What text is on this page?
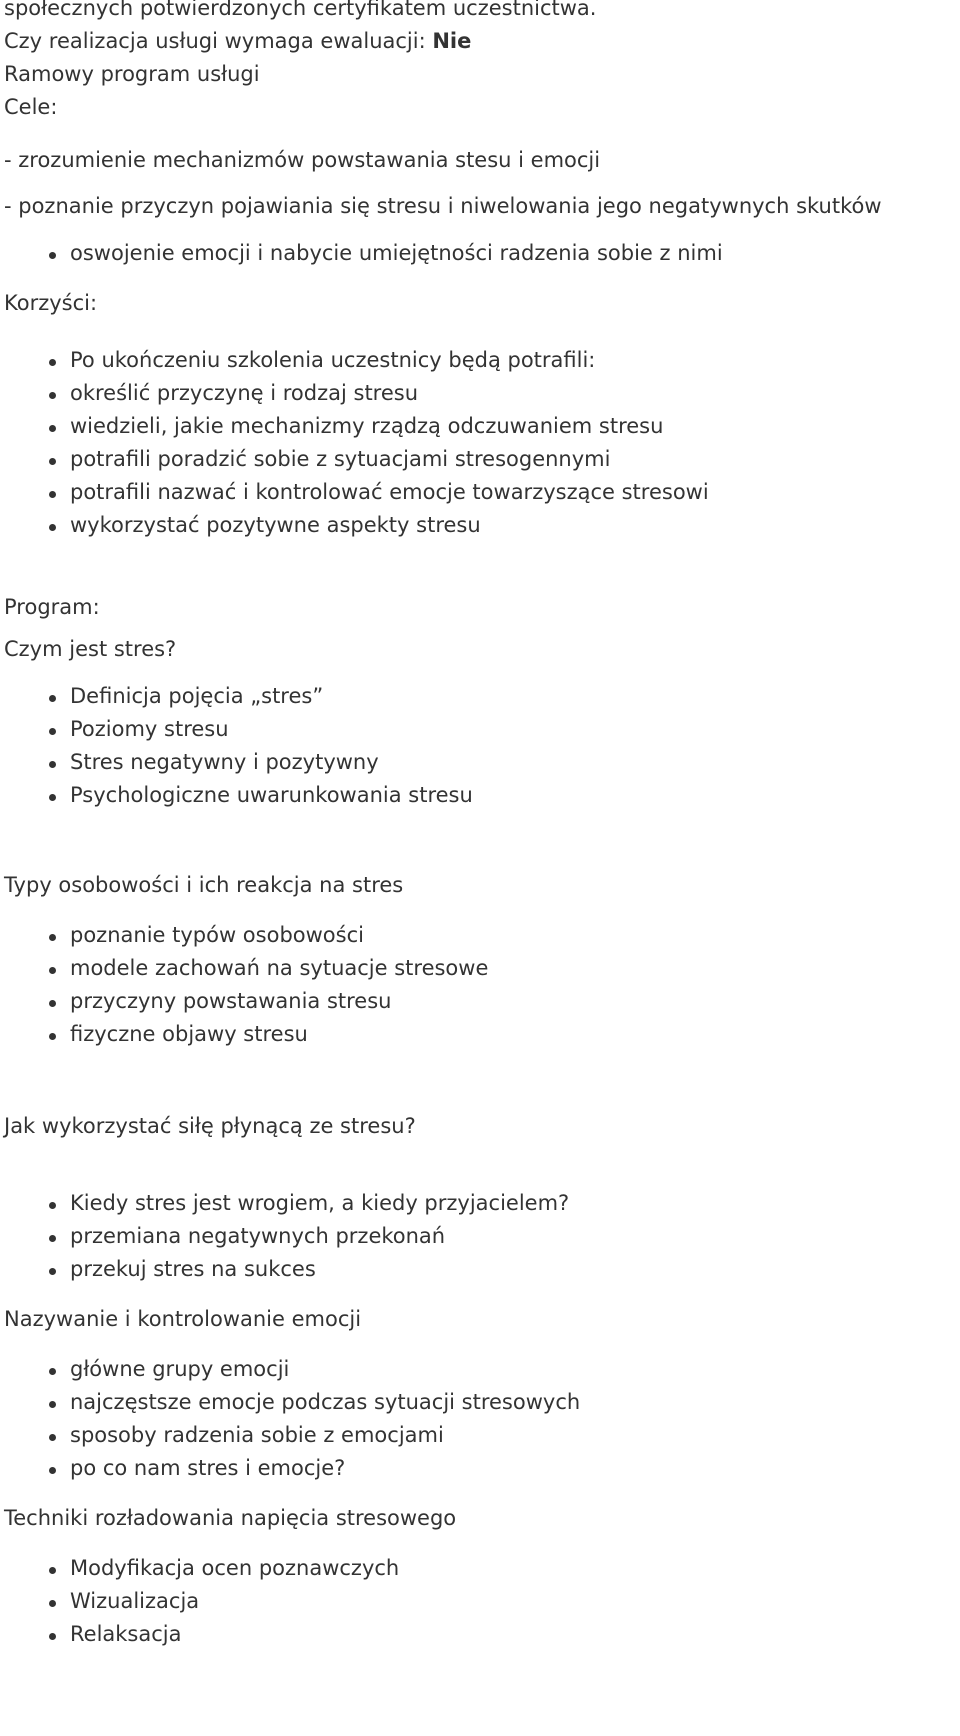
społecznych potwierdzonych certyfikatem uczestnictwa.

Czy realizacja usługi wymaga ewaluacji: Nie

Ramowy program usługi

Cele:

- zrozumienie mechanizmów powstawania stesu i emocji

- poznanie przyczyn pojawiania się stresu i niwelowania jego negatywnych skutków

oswojenie emocji i nabycie umiejętności radzenia sobie z nimi

Korzyści:

Po ukończeniu szkolenia uczestnicy będą potrafili:
określić przyczynę i rodzaj stresu
wiedzieli, jakie mechanizmy rządzą odczuwaniem stresu
potrafili poradzić sobie z sytuacjami stresogennymi
potrafili nazwać i kontrolować emocje towarzyszące stresowi
wykorzystać pozytywne aspekty stresu

Program:

Czym jest stres?

Definicja pojęcia „stres”
Poziomy stresu
Stres negatywny i pozytywny
Psychologiczne uwarunkowania stresu

Typy osobowości i ich reakcja na stres

poznanie typów osobowości
modele zachowań na sytuacje stresowe
przyczyny powstawania stresu
fizyczne objawy stresu

Jak wykorzystać siłę płynącą ze stresu?

Kiedy stres jest wrogiem, a kiedy przyjacielem?
przemiana negatywnych przekonań
przekuj stres na sukces

Nazywanie i kontrolowanie emocji

główne grupy emocji
najczęstsze emocje podczas sytuacji stresowych
sposoby radzenia sobie z emocjami
po co nam stres i emocje?

Techniki rozładowania napięcia stresowego

Modyfikacja ocen poznawczych
Wizualizacja
Relaksacja
